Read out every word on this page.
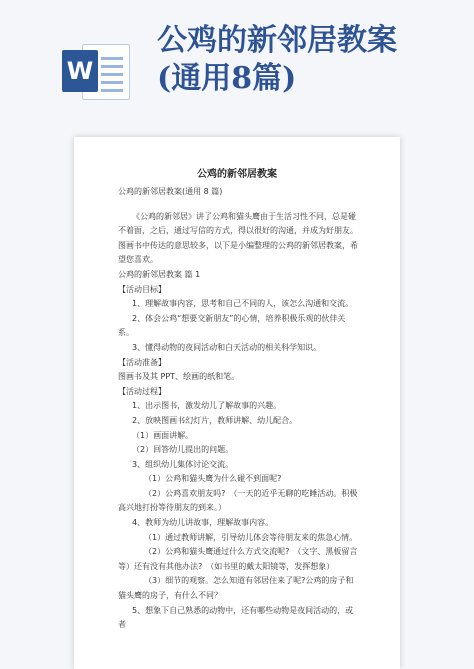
W
公鸡的新邻居教案
(通用8篇)
公鸡的新邻居教案

公鸡的新邻居教案(通用 8 篇)

《公鸡的新邻居》讲了公鸡和猫头鹰由于生活习性不同，总是碰不着面，之后，通过写信的方式，得以很好的沟通，并成为好朋友。图画书中传达的意思较多，以下是小编整理的公鸡的新邻居教案，希望您喜欢。

公鸡的新邻居教案 篇 1

【活动目标】

1、理解故事内容，思考和自己不同的人，该怎么沟通和交流。

2、体会公鸡“想要交新朋友”的心情，培养积极乐观的伙伴关系。

3、懂得动物的夜间活动和白天活动的相关科学知识。

【活动准备】

图画书及其 PPT、绘画的纸和笔。

【活动过程】

1、出示图书，激发幼儿了解故事的兴趣。

2、放映图画书幻灯片，教师讲解、幼儿配合。

（1）画面讲解。

（2）回答幼儿提出的问题。

3、组织幼儿集体讨论交流。

（1）公鸡和猫头鹰为什么碰不到面呢?

（2）公鸡喜欢朋友吗?　（一天的近乎无聊的吃睡活动。积极高兴地打扮等待朋友的到来。）

4、教师为幼儿讲故事，理解故事内容。

（1）通过教师讲解，引导幼儿体会等待朋友来的焦急心情。

（2）公鸡和猫头鹰通过什么方式交流呢?　（文字、黑板留言等）还有没有其他办法?　（如书里的戴太阳镜等，发挥想象）

（3）细节的观察。怎么知道有邻居住来了呢?公鸡的房子和猫头鹰的房子，有什么不同？

5、想象下自己熟悉的动物中，还有哪些动物是夜间活动的，或者
